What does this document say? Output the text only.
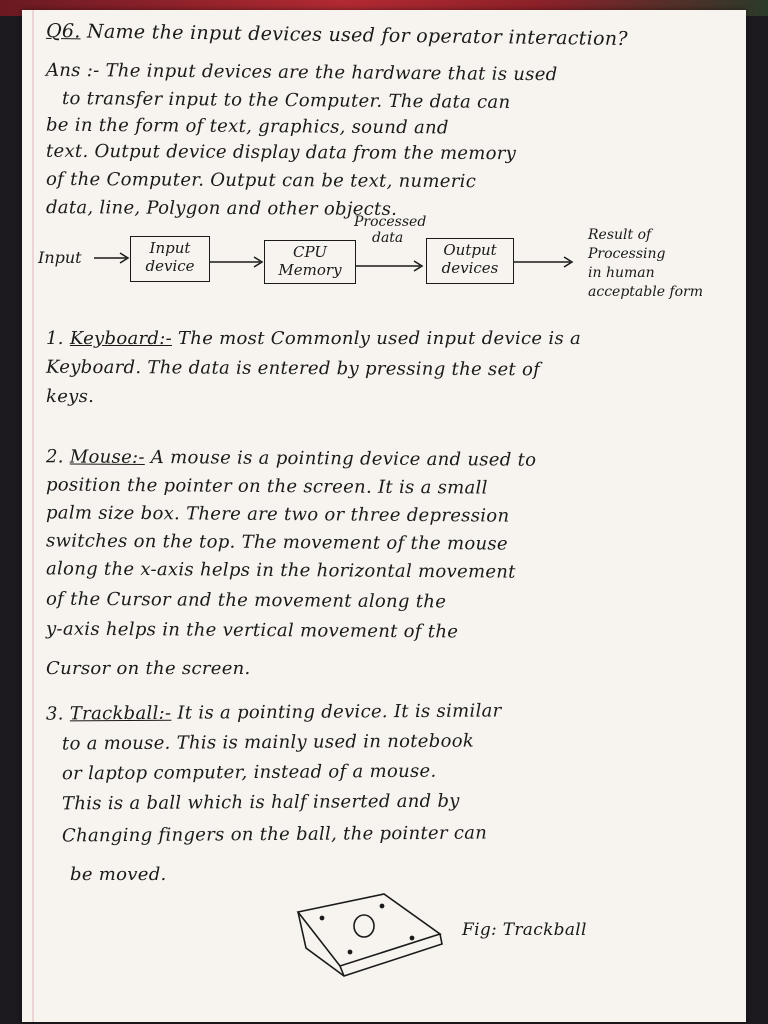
Q6. Name the input devices used for operator interaction?
Ans :- The input devices are the hardware that is used
to transfer input to the Computer. The data can
be in the form of text, graphics, sound and
text. Output device display data from the memory
of the Computer. Output can be text, numeric
data, line, Polygon and other objects.
Input	Input
device
CPU
Memory
Processed
data
Output
devices
Result of
Processing
in human
acceptable form
1. Keyboard:- The most Commonly used input device is a
Keyboard. The data is entered by pressing the set of
keys.
2. Mouse:- A mouse is a pointing device and used to
position the pointer on the screen. It is a small
palm size box. There are two or three depression
switches on the top. The movement of the mouse
along the x-axis helps in the horizontal movement
of the Cursor and the movement along the
y-axis helps in the vertical movement of the
Cursor on the screen.
3. Trackball:- It is a pointing device. It is similar
to a mouse. This is mainly used in notebook
or laptop computer, instead of a mouse.
This is a ball which is half inserted and by
Changing fingers on the ball, the pointer can
be moved.
Fig: Trackball
